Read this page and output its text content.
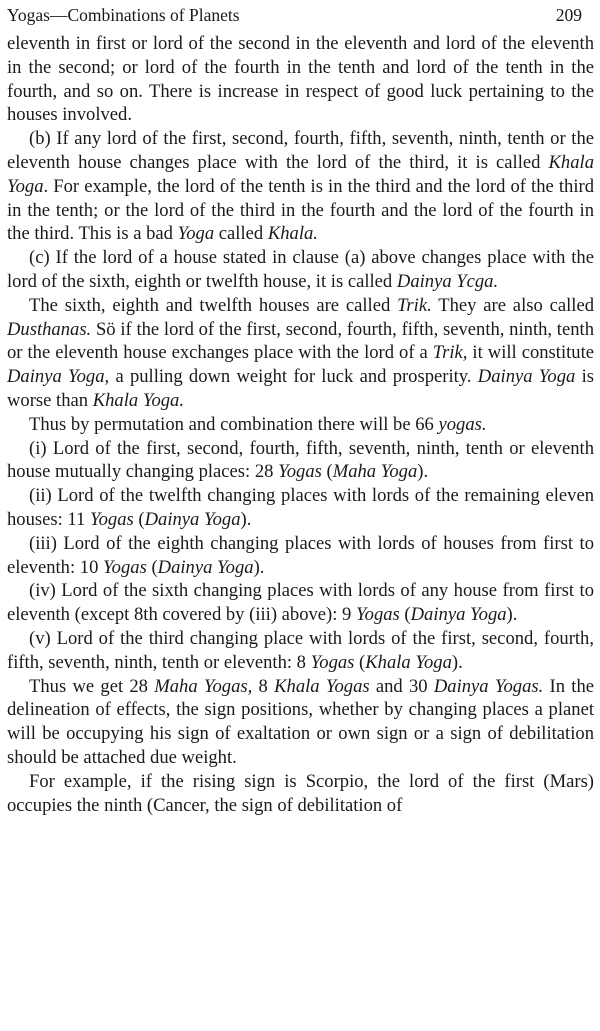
Yogas—Combinations of Planets	209

eleventh in first or lord of the second in the eleventh and lord of the eleventh in the second; or lord of the fourth in the tenth and lord of the tenth in the fourth, and so on. There is increase in respect of good luck pertaining to the houses involved.

(b) If any lord of the first, second, fourth, fifth, seventh, ninth, tenth or the eleventh house changes place with the lord of the third, it is called Khala Yoga. For example, the lord of the tenth is in the third and the lord of the third in the tenth; or the lord of the third in the fourth and the lord of the fourth in the third. This is a bad Yoga called Khala.

(c) If the lord of a house stated in clause (a) above changes place with the lord of the sixth, eighth or twelfth house, it is called Dainya Ycga.

The sixth, eighth and twelfth houses are called Trik. They are also called Dusthanas. Sö if the lord of the first, second, fourth, fifth, seventh, ninth, tenth or the eleventh house exchanges place with the lord of a Trik, it will constitute Dainya Yoga, a pulling down weight for luck and prosperity. Dainya Yoga is worse than Khala Yoga.

Thus by permutation and combination there will be 66 yogas.

(i) Lord of the first, second, fourth, fifth, seventh, ninth, tenth or eleventh house mutually changing places: 28 Yogas (Maha Yoga).

(ii) Lord of the twelfth changing places with lords of the remaining eleven houses: 11 Yogas (Dainya Yoga).

(iii) Lord of the eighth changing places with lords of houses from first to eleventh: 10 Yogas (Dainya Yoga).

(iv) Lord of the sixth changing places with lords of any house from first to eleventh (except 8th covered by (iii) above): 9 Yogas (Dainya Yoga).

(v) Lord of the third changing place with lords of the first, second, fourth, fifth, seventh, ninth, tenth or eleventh: 8 Yogas (Khala Yoga).

Thus we get 28 Maha Yogas, 8 Khala Yogas and 30 Dainya Yogas. In the delineation of effects, the sign positions, whether by changing places a planet will be occupying his sign of exaltation or own sign or a sign of debilitation should be attached due weight.

For example, if the rising sign is Scorpio, the lord of the first (Mars) occupies the ninth (Cancer, the sign of debilitation of
